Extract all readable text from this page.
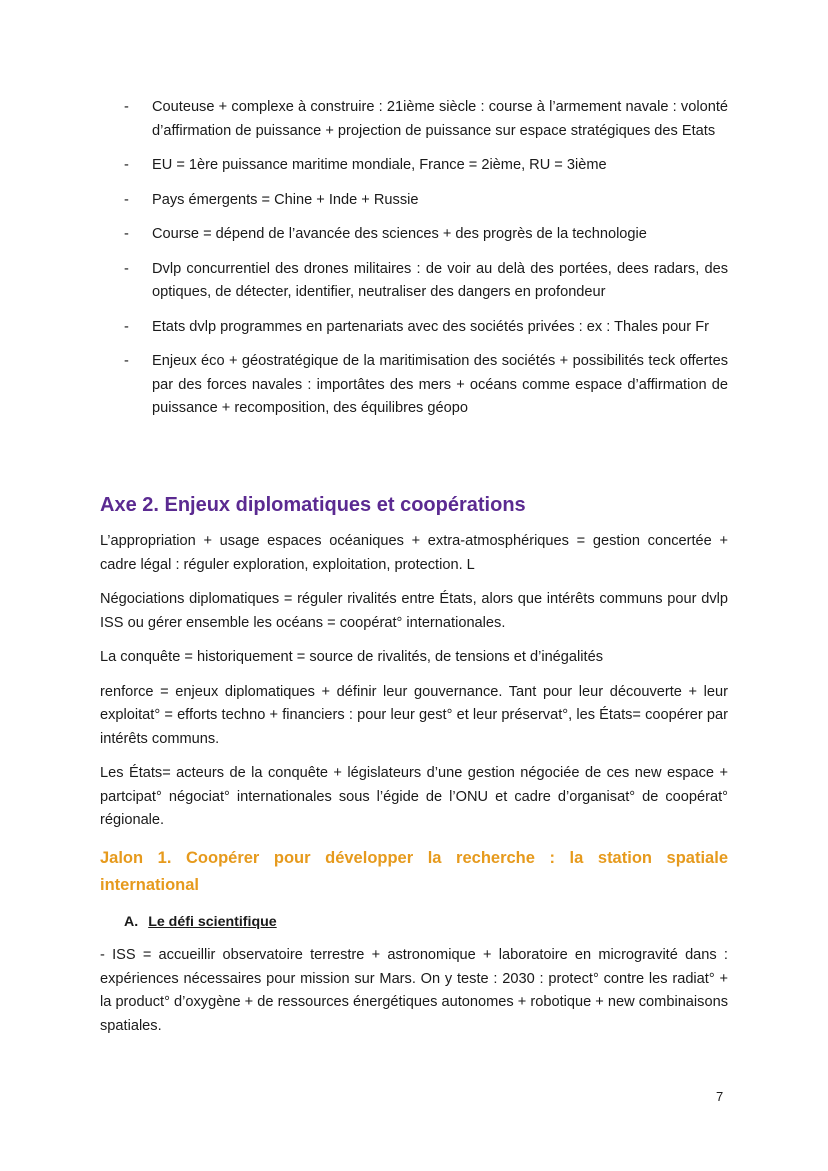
- Couteuse + complexe à construire : 21ième siècle : course à l’armement navale : volonté d’affirmation de puissance + projection de puissance sur espace stratégiques des Etats
- EU = 1ère puissance maritime mondiale, France = 2ième, RU = 3ième
- Pays émergents = Chine + Inde + Russie
- Course = dépend de l’avancée des sciences + des progrès de la technologie
- Dvlp concurrentiel des drones militaires : de voir au delà des portées, dees radars, des optiques, de détecter, identifier, neutraliser des dangers en profondeur
- Etats dvlp programmes en partenariats avec des sociétés privées : ex : Thales pour Fr
- Enjeux éco + géostratégique de la maritimisation des sociétés + possibilités teck offertes par des forces navales : importâtes des mers + océans comme espace d’affirmation de puissance + recomposition, des équilibres géopo
Axe 2. Enjeux diplomatiques et coopérations

L’appropriation + usage espaces océaniques + extra-atmosphériques = gestion concertée + cadre légal : réguler exploration, exploitation, protection. L

Négociations diplomatiques = réguler rivalités entre États, alors que intérêts communs pour dvlp ISS ou gérer ensemble les océans = coopérat° internationales.

La conquête = historiquement = source de rivalités, de tensions et d’inégalités

renforce = enjeux diplomatiques + définir leur gouvernance. Tant pour leur découverte + leur exploitat° = efforts techno + financiers : pour leur gest° et leur préservat°, les États= coopérer par intérêts communs.

Les États= acteurs de la conquête + législateurs d’une gestion négociée de ces new espace + partcipat° négociat° internationales sous l’égide de l’ONU et cadre d’organisat° de coopérat° régionale.

Jalon 1. Coopérer pour développer la recherche : la station spatiale international
A. Le défi scientifique

- ISS = accueillir observatoire terrestre + astronomique + laboratoire en microgravité dans : expériences nécessaires pour mission sur Mars. On y teste : 2030 : protect° contre les radiat° + la product° d’oxygène + de ressources énergétiques autonomes + robotique + new combinaisons spatiales.

7
